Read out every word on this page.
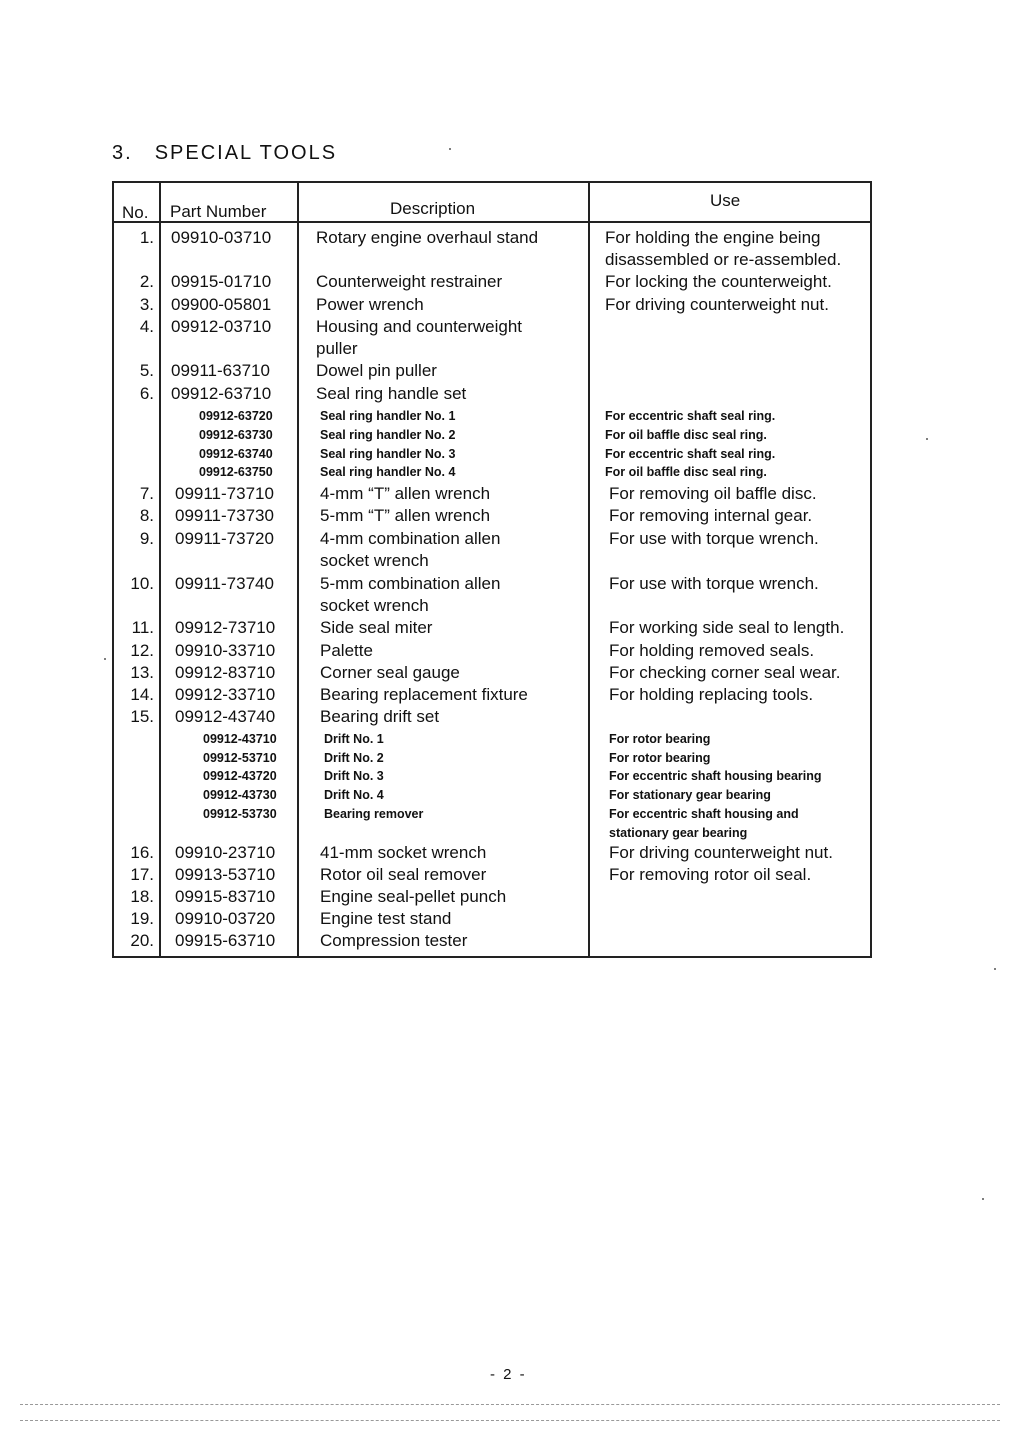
3. SPECIAL TOOLS
No. Part Number	Description	Use
1. 09910-03710	Rotary engine overhaul stand	For holding the engine being
disassembled or re-assembled.
2. 09915-01710	Counterweight restrainer	For locking the counterweight.
3. 09900-05801	Power wrench	For driving counterweight nut.
4. 09912-03710	Housing and counterweight
puller
5. 09911-63710	Dowel pin puller
6. 09912-63710	Seal ring handle set
09912-63720	Seal ring handler No. 1	For eccentric shaft seal ring.
09912-63730	Seal ring handler No. 2	For oil baffle disc seal ring.
09912-63740	Seal ring handler No. 3	For eccentric shaft seal ring.
09912-63750	Seal ring handler No. 4	For oil baffle disc seal ring.
7. 09911-73710	4-mm “T” allen wrench	For removing oil baffle disc.
8. 09911-73730	5-mm “T” allen wrench	For removing internal gear.
9. 09911-73720	4-mm combination allen	For use with torque wrench.
socket wrench
10. 09911-73740	5-mm combination allen	For use with torque wrench.
socket wrench
11. 09912-73710	Side seal miter	For working side seal to length.
12. 09910-33710	Palette	For holding removed seals.
13. 09912-83710	Corner seal gauge	For checking corner seal wear.
14. 09912-33710	Bearing replacement fixture	For holding replacing tools.
15. 09912-43740	Bearing drift set
09912-43710	Drift No. 1	For rotor bearing
09912-53710	Drift No. 2	For rotor bearing
09912-43720	Drift No. 3	For eccentric shaft housing bearing
09912-43730	Drift No. 4	For stationary gear bearing
09912-53730	Bearing remover	For eccentric shaft housing and
stationary gear bearing
16. 09910-23710	41-mm socket wrench	For driving counterweight nut.
17. 09913-53710	Rotor oil seal remover	For removing rotor oil seal.
18. 09915-83710	Engine seal-pellet punch
19. 09910-03720	Engine test stand
20. 09915-63710	Compression tester
- 2 -
